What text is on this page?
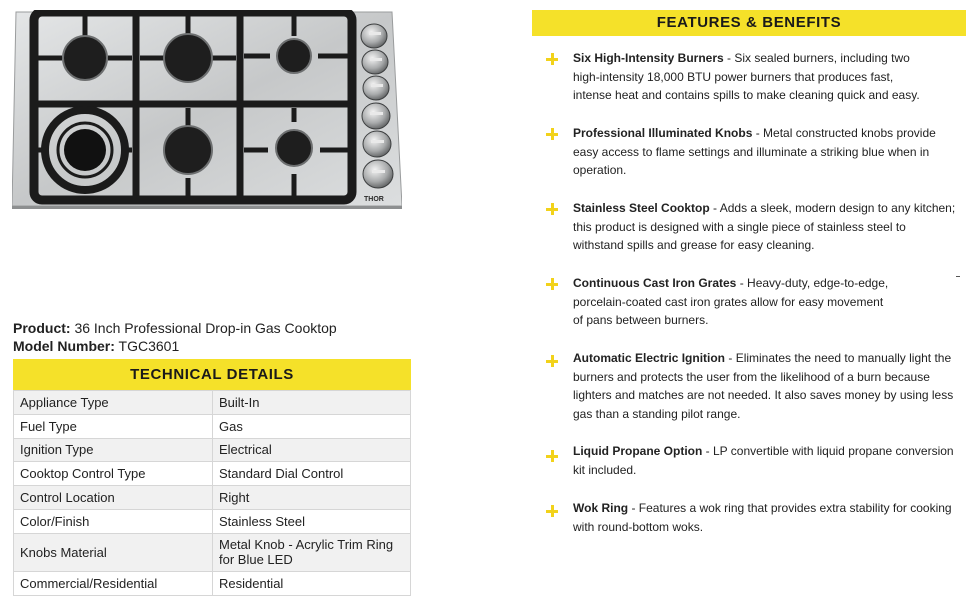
THOR
Product: 36 Inch Professional Drop-in Gas Cooktop
Model Number: TGC3601
TECHNICAL DETAILS
Appliance Type	Built-In
Fuel Type	Gas
Ignition Type	Electrical
Cooktop Control Type	Standard Dial Control
Control Location	Right
Color/Finish	Stainless Steel
Knobs Material	Metal Knob - Acrylic Trim Ring for Blue LED
Commercial/Residential	Residential
FEATURES & BENEFITS
Six High-Intensity Burners - Six sealed burners, including two
high-intensity 18,000 BTU power burners that produces fast,
intense heat and contains spills to make cleaning quick and easy.
Professional Illuminated Knobs - Metal constructed knobs provide
easy access to flame settings and illuminate a striking blue when in
operation.
Stainless Steel Cooktop - Adds a sleek, modern design to any kitchen;
this product is designed with a single piece of stainless steel to
withstand spills and grease for easy cleaning.
Continuous Cast Iron Grates - Heavy-duty, edge-to-edge,
porcelain-coated cast iron grates allow for easy movement
of pans between burners.
Automatic Electric Ignition - Eliminates the need to manually light the
burners and protects the user from the likelihood of a burn because
lighters and matches are not needed. It also saves money by using less
gas than a standing pilot range.
Liquid Propane Option - LP convertible with liquid propane conversion
kit included.
Wok Ring - Features a wok ring that provides extra stability for cooking
with round-bottom woks.
